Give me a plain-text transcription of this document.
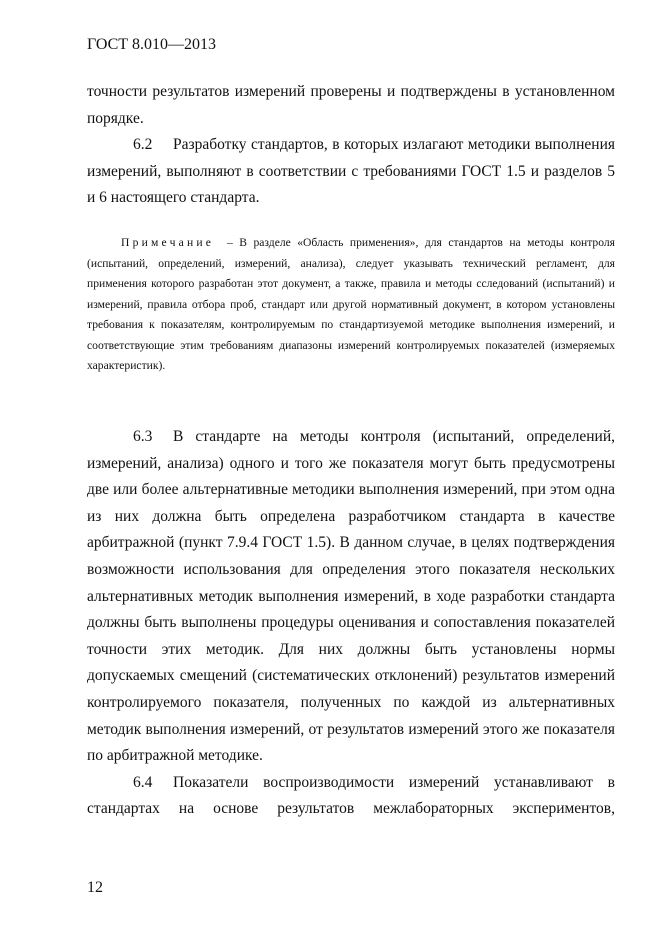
ГОСТ 8.010—2013

точности результатов измерений проверены и подтверждены в установленном порядке.

6.2 Разработку стандартов, в которых излагают методики выполнения измерений, выполняют в соответствии с требованиями ГОСТ 1.5 и разделов 5 и 6 настоящего стандарта.

Примечание – В разделе «Область применения», для стандартов на методы контроля (испытаний, определений, измерений, анализа), следует указывать технический регламент, для применения которого разработан этот документ, а также, правила и методы сследований (испытаний) и измерений, правила отбора проб, стандарт или другой нормативный документ, в котором установлены требования к показателям, контролируемым по стандартизуемой методике выполнения измерений, и соответствующие этим требованиям диапазоны измерений контролируемых показателей (измеряемых характеристик).

6.3 В стандарте на методы контроля (испытаний, определений, измерений, анализа) одного и того же показателя могут быть предусмотрены две или более альтернативные методики выполнения измерений, при этом одна из них должна быть определена разработчиком стандарта в качестве арбитражной (пункт 7.9.4 ГОСТ 1.5). В данном случае, в целях подтверждения возможности использования для определения этого показателя нескольких альтернативных методик выполнения измерений, в ходе разработки стандарта должны быть выполнены процедуры оценивания и сопоставления показателей точности этих методик. Для них должны быть установлены нормы допускаемых смещений (систематических отклонений) результатов измерений контролируемого показателя, полученных по каждой из альтернативных методик выполнения измерений, от результатов измерений этого же показателя по арбитражной методике.

6.4 Показатели воспроизводимости измерений устанавливают в стандартах на основе результатов межлабораторных экспериментов,

12
